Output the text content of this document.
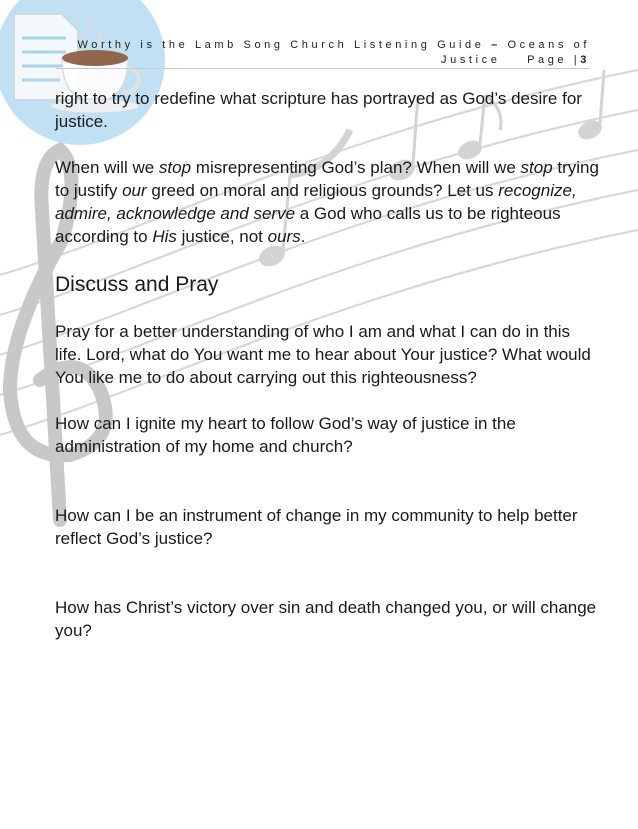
Worthy is the Lamb Song Church Listening Guide – Oceans of
Justice Page |3

right to try to redefine what scripture has portrayed as God’s desire for justice.

When will we stop misrepresenting God’s plan? When will we stop trying to justify our greed on moral and religious grounds? Let us recognize, admire, acknowledge and serve a God who calls us to be righteous according to His justice, not ours.

Discuss and Pray

Pray for a better understanding of who I am and what I can do in this life. Lord, what do You want me to hear about Your justice? What would You like me to do about carrying out this righteousness?

How can I ignite my heart to follow God’s way of justice in the administration of my home and church?

How can I be an instrument of change in my community to help better reflect God’s justice?

How has Christ’s victory over sin and death changed you, or will change you?
